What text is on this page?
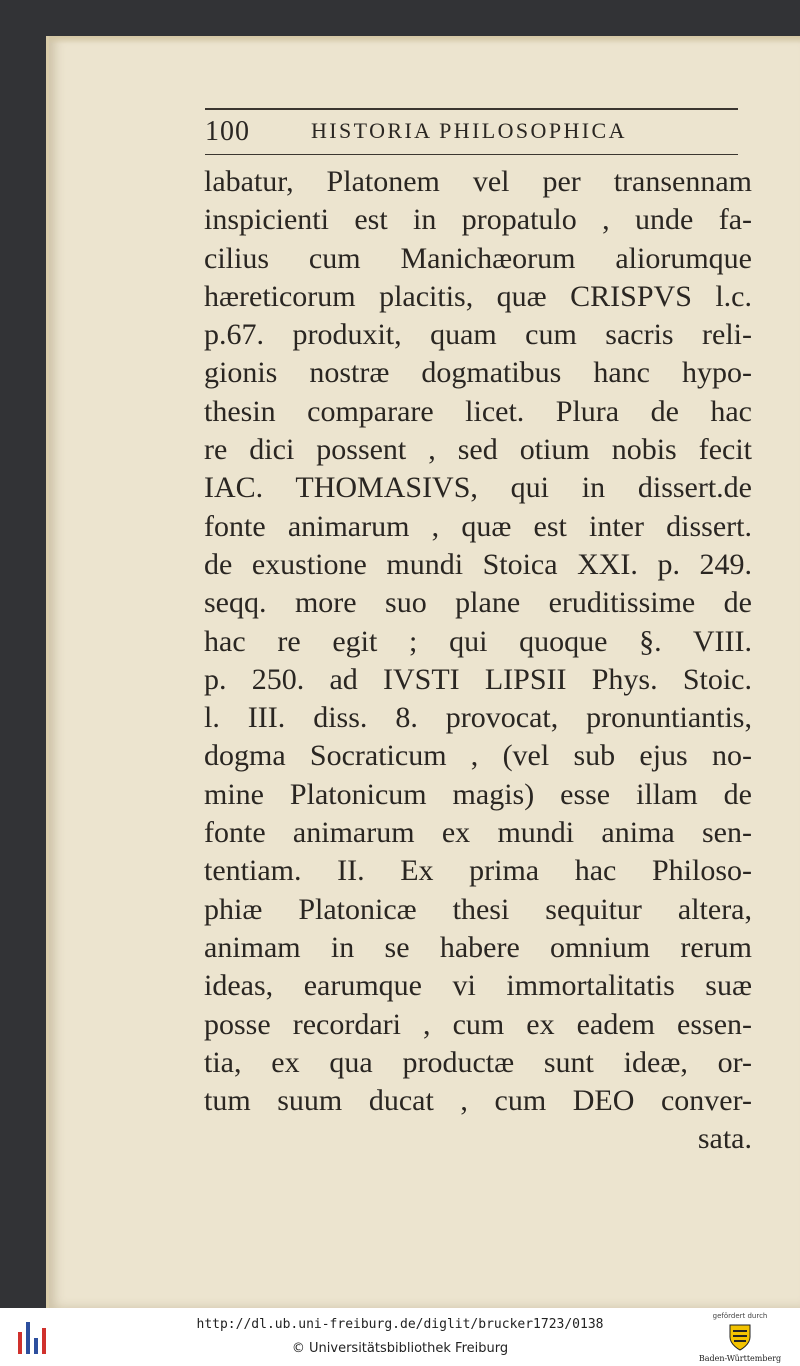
100	HISTORIA PHILOSOPHICA
labatur, Platonem vel per transennam
inspicienti est in propatulo , unde fa-
cilius cum Manichæorum aliorumque
hæreticorum placitis, quæ CRISPVS l.c.
p.67. produxit, quam cum sacris reli-
gionis nostræ dogmatibus hanc hypo-
thesin comparare licet. Plura de hac
re dici possent , sed otium nobis fecit
IAC. THOMASIVS, qui in dissert.de
fonte animarum , quæ est inter dissert.
de exustione mundi Stoica XXI. p. 249.
seqq. more suo plane eruditissime de
hac re egit ; qui quoque §. VIII.
p. 250. ad IVSTI LIPSII Phys. Stoic.
l. III. diss. 8. provocat, pronuntiantis,
dogma Socraticum , (vel sub ejus no-
mine Platonicum magis) esse illam de
fonte animarum ex mundi anima sen-
tentiam. II. Ex prima hac Philoso-
phiæ Platonicæ thesi sequitur altera,
animam in se habere omnium rerum
ideas, earumque vi immortalitatis suæ
posse recordari , cum ex eadem essen-
tia, ex qua productæ sunt ideæ, or-
tum suum ducat , cum DEO conver-
sata.
http://dl.ub.uni-freiburg.de/diglit/brucker1723/0138
© Universitätsbibliothek Freiburg
gefördert durch
Baden-Württemberg
